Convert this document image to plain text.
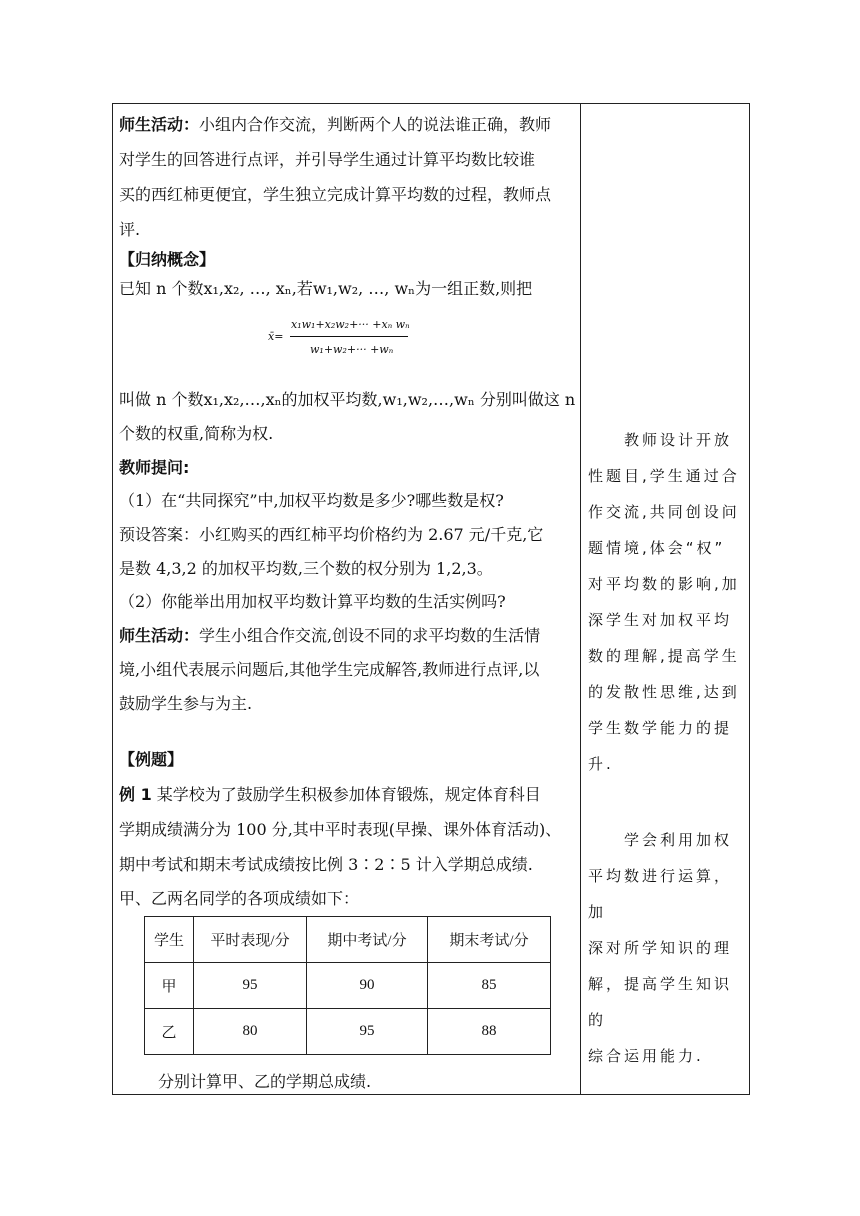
师生活动：小组内合作交流，判断两个人的说法谁正确，教师
对学生的回答进行点评，并引导学生通过计算平均数比较谁
买的西红柿更便宜，学生独立完成计算平均数的过程，教师点
评.
【归纳概念】
已知 n 个数x₁,x₂, …, xₙ,若w₁,w₂, …, wₙ为一组正数,则把
x̄=
x₁w₁+x₂w₂+··· +xₙ wₙ
w₁+w₂+··· +wₙ
叫做 n 个数x₁,x₂,…,xₙ的加权平均数,w₁,w₂,…,wₙ 分别叫做这 n
个数的权重,简称为权.
教师提问:
（1）在“共同探究”中,加权平均数是多少?哪些数是权?
预设答案：小红购买的西红柿平均价格约为 2.67 元/千克,它
是数 4,3,2 的加权平均数,三个数的权分别为 1,2,3。
（2）你能举出用加权平均数计算平均数的生活实例吗?
师生活动：学生小组合作交流,创设不同的求平均数的生活情
境,小组代表展示问题后,其他学生完成解答,教师进行点评,以
鼓励学生参与为主.
【例题】
例 1 某学校为了鼓励学生积极参加体育锻炼，规定体育科目
学期成绩满分为 100 分,其中平时表现(早操、课外体育活动)、
期中考试和期末考试成绩按比例 3∶2∶5 计入学期总成绩.
甲、乙两名同学的各项成绩如下：
学生	平时表现/分	期中考试/分	期末考试/分
甲	95	90	85
乙	80	95	88
分别计算甲、乙的学期总成绩.
　　教师设计开放
性题目,学生通过合
作交流,共同创设问
题情境,体会“权”
对平均数的影响,加
深学生对加权平均
数的理解,提高学生
的发散性思维,达到
学生数学能力的提
升.
　　学会利用加权
平均数进行运算，加
深对所学知识的理
解，提高学生知识的
综合运用能力.
